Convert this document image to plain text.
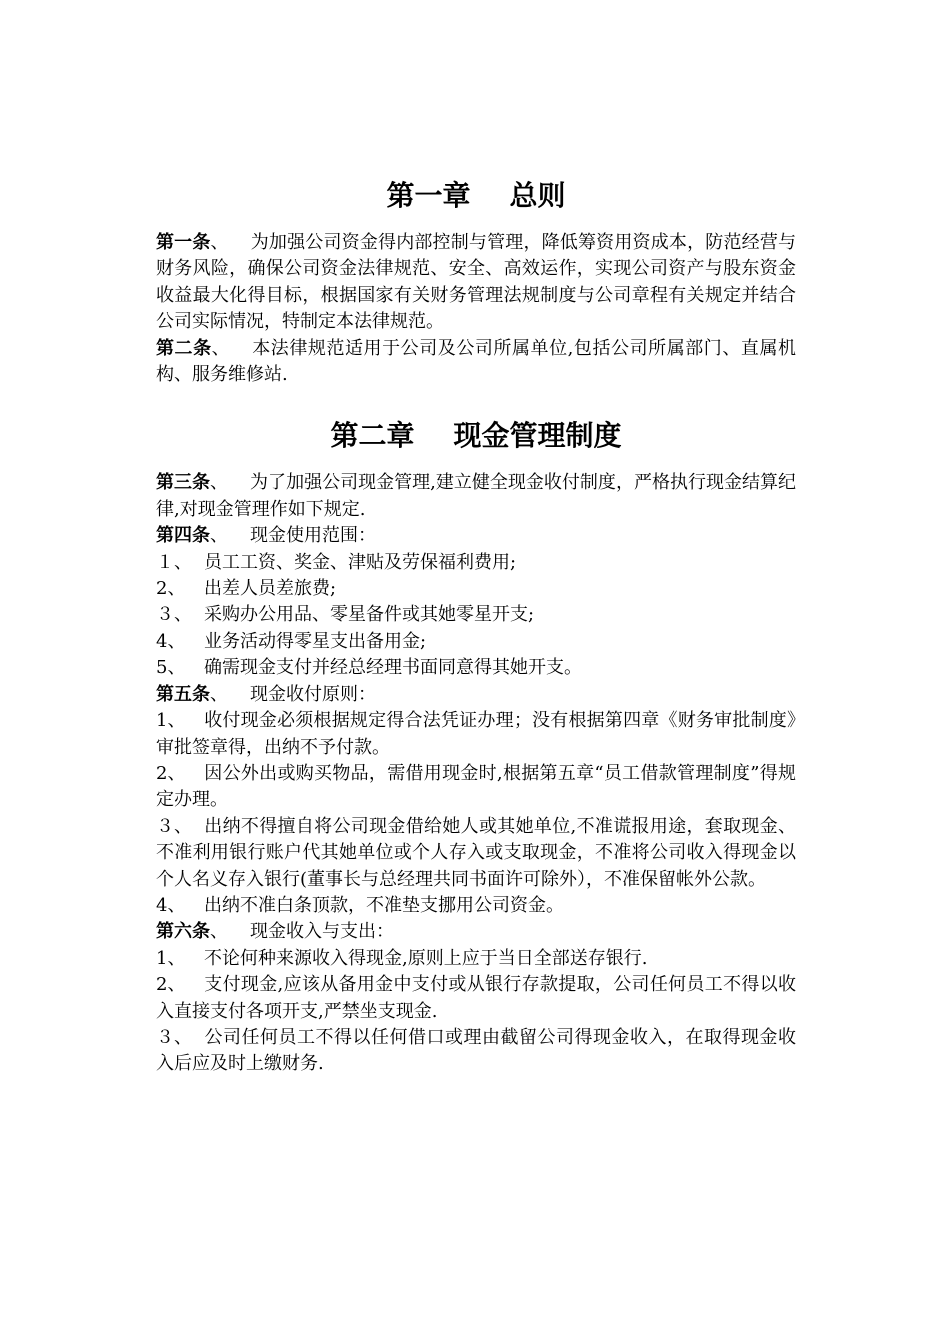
第一章    总则

第一条、 为加强公司资金得内部控制与管理，降低筹资用资成本，防范经营与财务风险，确保公司资金法律规范、安全、高效运作，实现公司资产与股东资金收益最大化得目标，根据国家有关财务管理法规制度与公司章程有关规定并结合公司实际情况，特制定本法律规范。

第二条、 本法律规范适用于公司及公司所属单位,包括公司所属部门、直属机构、服务维修站.

第二章    现金管理制度

第三条、 为了加强公司现金管理,建立健全现金收付制度，严格执行现金结算纪律,对现金管理作如下规定.

第四条、 现金使用范围：

１、 员工工资、奖金、津贴及劳保福利费用;

2、 出差人员差旅费;

３、 采购办公用品、零星备件或其她零星开支;

4、 业务活动得零星支出备用金;

5、 确需现金支付并经总经理书面同意得其她开支。

第五条、 现金收付原则：

1、 收付现金必须根据规定得合法凭证办理；没有根据第四章《财务审批制度》审批签章得，出纳不予付款。

2、 因公外出或购买物品，需借用现金时,根据第五章“员工借款管理制度”得规定办理。

３、 出纳不得擅自将公司现金借给她人或其她单位,不准谎报用途，套取现金、不准利用银行账户代其她单位或个人存入或支取现金，不准将公司收入得现金以个人名义存入银行(董事长与总经理共同书面许可除外），不准保留帐外公款。

4、 出纳不准白条顶款，不准垫支挪用公司资金。

第六条、 现金收入与支出：

1、 不论何种来源收入得现金,原则上应于当日全部送存银行.

2、 支付现金,应该从备用金中支付或从银行存款提取，公司任何员工不得以收入直接支付各项开支,严禁坐支现金.

３、 公司任何员工不得以任何借口或理由截留公司得现金收入，在取得现金收入后应及时上缴财务.
